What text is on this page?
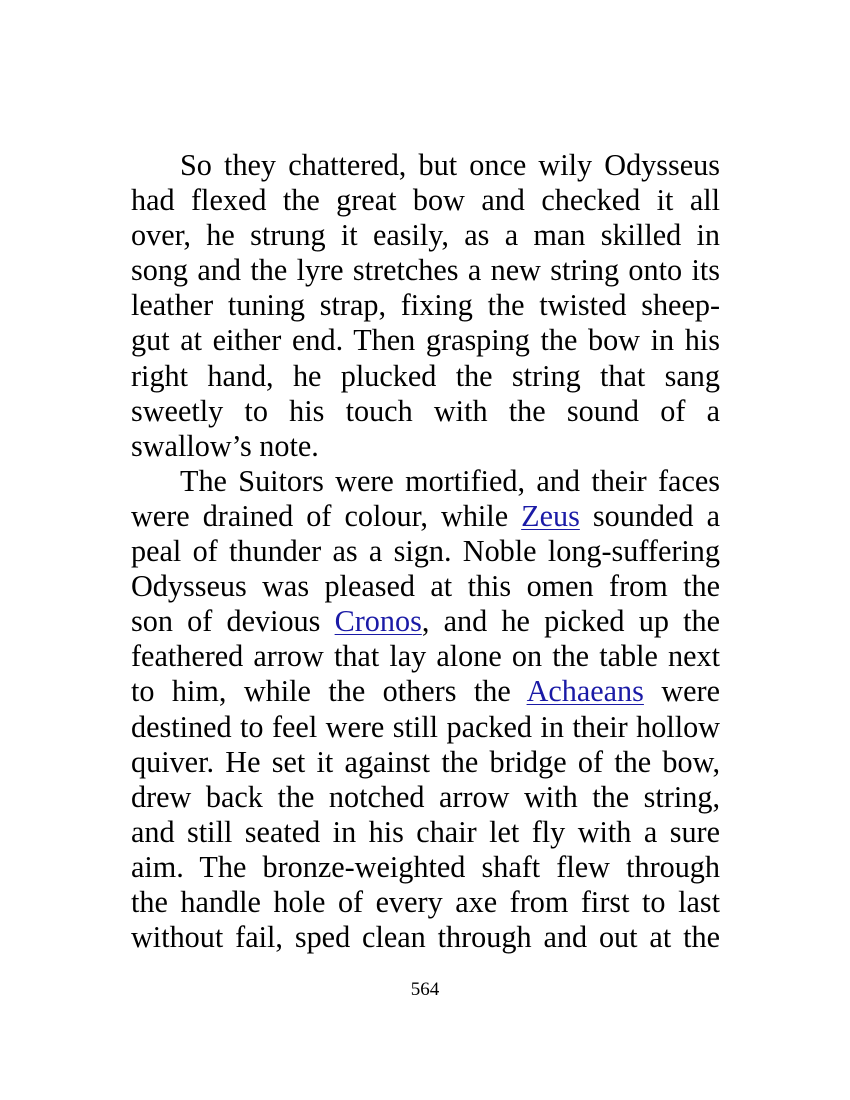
So they chattered, but once wily Odysseus
had flexed the great bow and checked it all
over, he strung it easily, as a man skilled in
song and the lyre stretches a new string onto its
leather tuning strap, fixing the twisted sheep-
gut at either end. Then grasping the bow in his
right hand, he plucked the string that sang
sweetly to his touch with the sound of a
swallow’s note.
The Suitors were mortified, and their faces
were drained of colour, while Zeus sounded a
peal of thunder as a sign. Noble long-suffering
Odysseus was pleased at this omen from the
son of devious Cronos, and he picked up the
feathered arrow that lay alone on the table next
to him, while the others the Achaeans were
destined to feel were still packed in their hollow
quiver. He set it against the bridge of the bow,
drew back the notched arrow with the string,
and still seated in his chair let fly with a sure
aim. The bronze-weighted shaft flew through
the handle hole of every axe from first to last
without fail, sped clean through and out at the
564
